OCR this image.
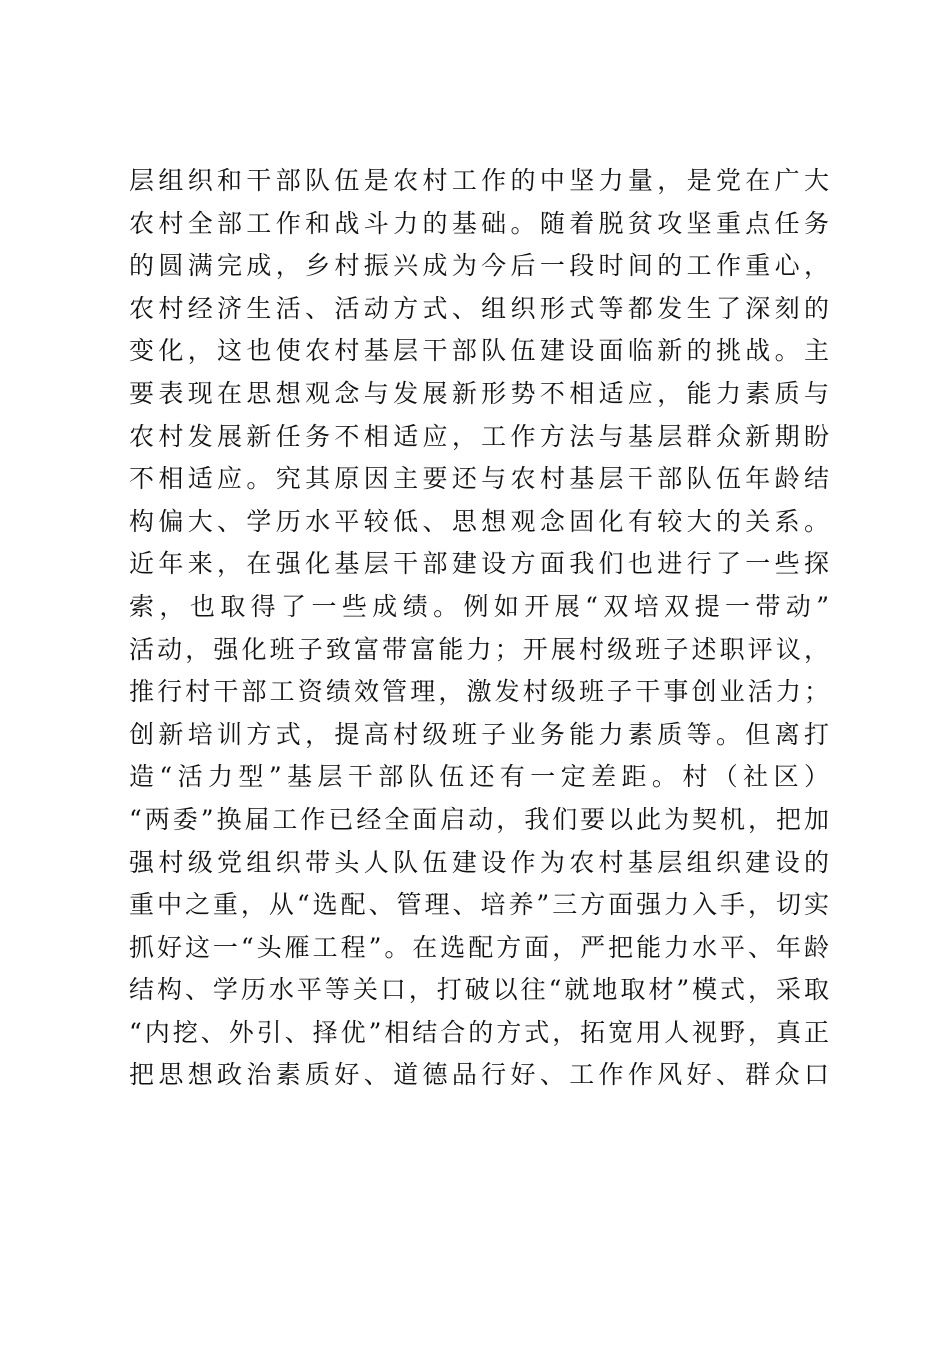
层组织和干部队伍是农村工作的中坚力量，是党在广大
农村全部工作和战斗力的基础。随着脱贫攻坚重点任务
的圆满完成，乡村振兴成为今后一段时间的工作重心，
农村经济生活、活动方式、组织形式等都发生了深刻的
变化，这也使农村基层干部队伍建设面临新的挑战。主
要表现在思想观念与发展新形势不相适应，能力素质与
农村发展新任务不相适应，工作方法与基层群众新期盼
不相适应。究其原因主要还与农村基层干部队伍年龄结
构偏大、学历水平较低、思想观念固化有较大的关系。
近年来，在强化基层干部建设方面我们也进行了一些探
索，也取得了一些成绩。例如开展“双培双提一带动”
活动，强化班子致富带富能力；开展村级班子述职评议，
推行村干部工资绩效管理，激发村级班子干事创业活力；
创新培训方式，提高村级班子业务能力素质等。但离打
造“活力型”基层干部队伍还有一定差距。村（社区）
“两委”换届工作已经全面启动，我们要以此为契机，把加
强村级党组织带头人队伍建设作为农村基层组织建设的
重中之重，从“选配、管理、培养”三方面强力入手，切实
抓好这一“头雁工程”。在选配方面，严把能力水平、年龄
结构、学历水平等关口，打破以往“就地取材”模式，采取
“内挖、外引、择优”相结合的方式，拓宽用人视野，真正
把思想政治素质好、道德品行好、工作作风好、群众口
